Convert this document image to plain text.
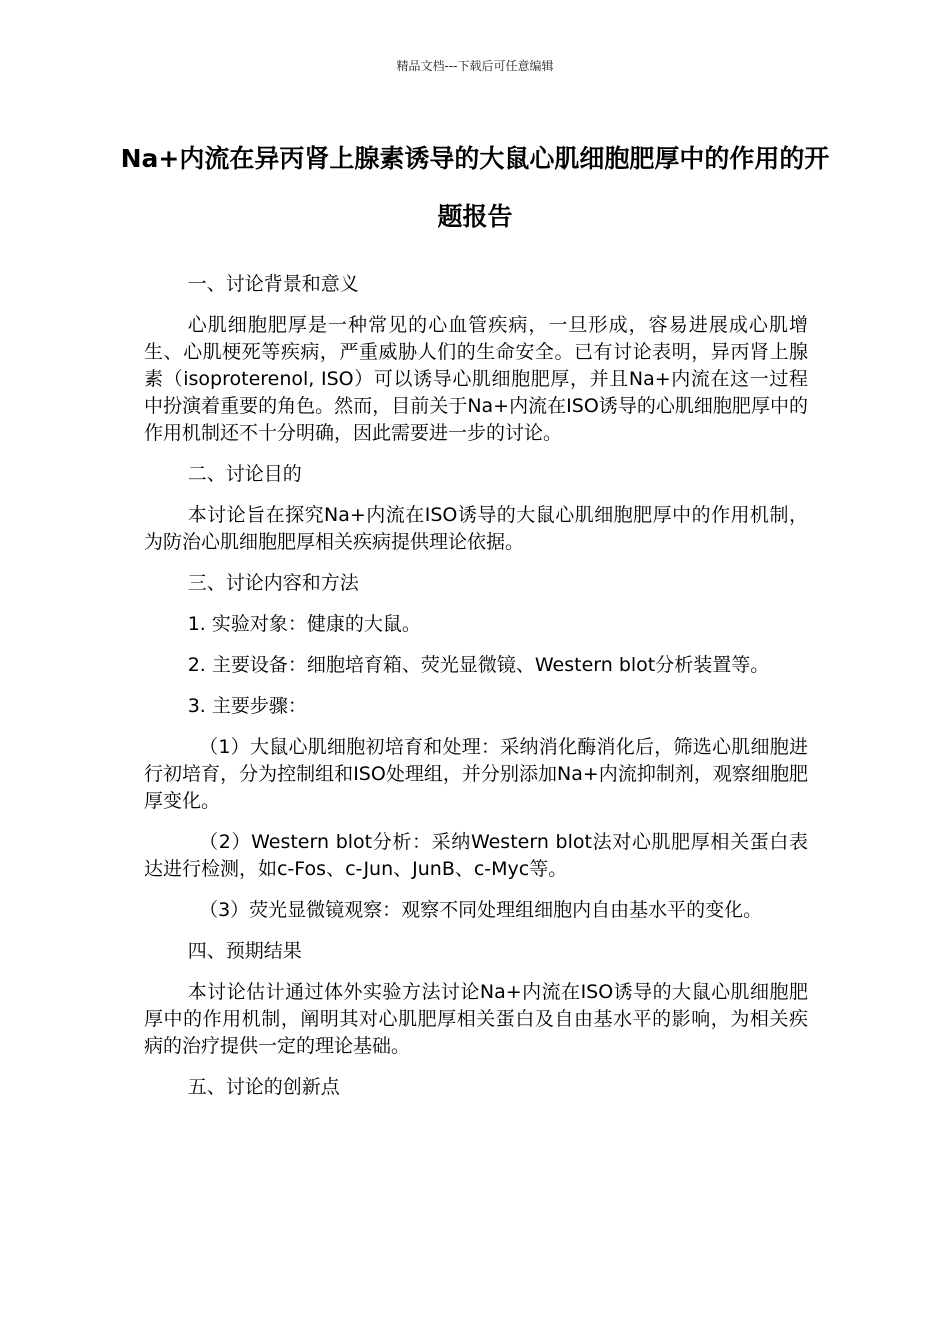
精品文档---下载后可任意编辑
Na+内流在异丙肾上腺素诱导的大鼠心肌细胞肥厚中的作用的开题报告

一、讨论背景和意义

心肌细胞肥厚是一种常见的心血管疾病，一旦形成，容易进展成心肌增生、心肌梗死等疾病，严重威胁人们的生命安全。已有讨论表明，异丙肾上腺素（isoproterenol, ISO）可以诱导心肌细胞肥厚，并且Na+内流在这一过程中扮演着重要的角色。然而，目前关于Na+内流在ISO诱导的心肌细胞肥厚中的作用机制还不十分明确，因此需要进一步的讨论。

二、讨论目的

本讨论旨在探究Na+内流在ISO诱导的大鼠心肌细胞肥厚中的作用机制，为防治心肌细胞肥厚相关疾病提供理论依据。

三、讨论内容和方法

1. 实验对象：健康的大鼠。

2. 主要设备：细胞培育箱、荧光显微镜、Western blot分析装置等。

3. 主要步骤：

（1）大鼠心肌细胞初培育和处理：采纳消化酶消化后，筛选心肌细胞进行初培育，分为控制组和ISO处理组，并分别添加Na+内流抑制剂，观察细胞肥厚变化。

（2）Western blot分析：采纳Western blot法对心肌肥厚相关蛋白表达进行检测，如c-Fos、c-Jun、JunB、c-Myc等。

（3）荧光显微镜观察：观察不同处理组细胞内自由基水平的变化。

四、预期结果

本讨论估计通过体外实验方法讨论Na+内流在ISO诱导的大鼠心肌细胞肥厚中的作用机制，阐明其对心肌肥厚相关蛋白及自由基水平的影响，为相关疾病的治疗提供一定的理论基础。

五、讨论的创新点
